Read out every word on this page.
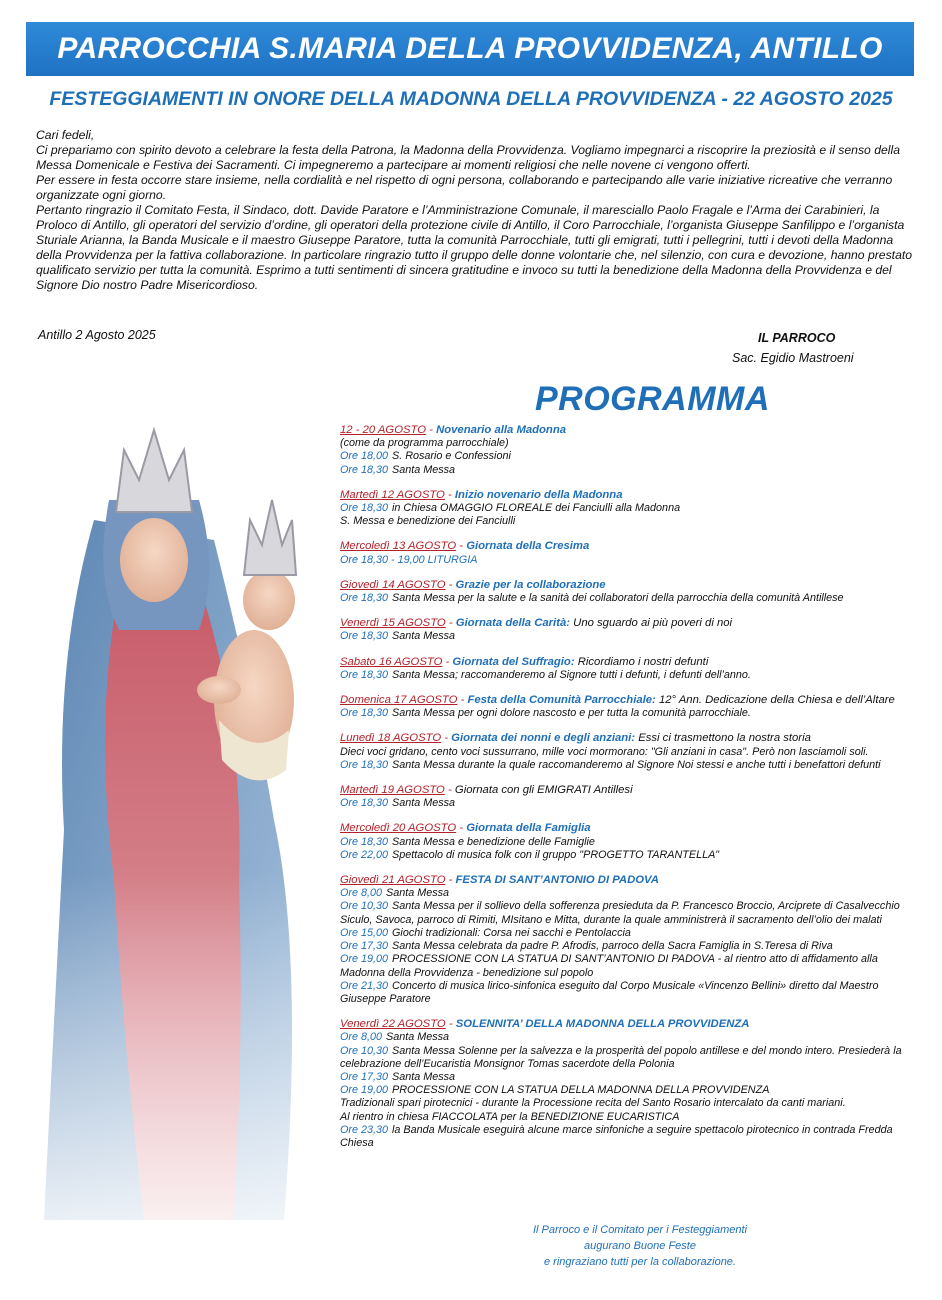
PARROCCHIA S.MARIA DELLA PROVVIDENZA, ANTILLO
FESTEGGIAMENTI IN ONORE DELLA MADONNA DELLA PROVVIDENZA - 22 AGOSTO 2025

Cari fedeli,

Ci prepariamo con spirito devoto a celebrare la festa della Patrona, la Madonna della Provvidenza. Vogliamo impegnarci a riscoprire la preziosità e il senso della Messa Domenicale e Festiva dei Sacramenti. Ci impegneremo a partecipare ai momenti religiosi che nelle novene ci vengono offerti.

Per essere in festa occorre stare insieme, nella cordialità e nel rispetto di ogni persona, collaborando e partecipando alle varie iniziative ricreative che verranno organizzate ogni giorno.

Pertanto ringrazio il Comitato Festa, il Sindaco, dott. Davide Paratore e l’Amministrazione Comunale, il maresciallo Paolo Fragale e l’Arma dei Carabinieri, la Proloco di Antillo, gli operatori del servizio d’ordine, gli operatori della protezione civile di Antillo, il Coro Parrocchiale, l’organista Giuseppe Sanfilippo e l’organista Sturiale Arianna, la Banda Musicale e il maestro Giuseppe Paratore, tutta la comunità Parrocchiale, tutti gli emigrati, tutti i pellegrini, tutti i devoti della Madonna della Provvidenza per la fattiva collaborazione. In particolare ringrazio tutto il gruppo delle donne volontarie che, nel silenzio, con cura e devozione, hanno prestato qualificato servizio per tutta la comunità. Esprimo a tutti sentimenti di sincera gratitudine e invoco su tutti la benedizione della Madonna della Provvidenza e del Signore Dio nostro Padre Misericordioso.

Antillo 2 Agosto 2025	IL PARROCO
Sac. Egidio Mastroeni
PROGRAMMA
12 - 20 AGOSTO - Novenario alla Madonna
(come da programma parrocchiale)
Ore 18,00 S. Rosario e Confessioni
Ore 18,30 Santa Messa
Martedì 12 AGOSTO - Inizio novenario della Madonna
Ore 18,30 in Chiesa OMAGGIO FLOREALE dei Fanciulli alla Madonna
S. Messa e benedizione dei Fanciulli
Mercoledì 13 AGOSTO - Giornata della Cresima
Ore 18,30 - 19,00 LITURGIA
Giovedì 14 AGOSTO - Grazie per la collaborazione
Ore 18,30 Santa Messa per la salute e la sanità dei collaboratori della parrocchia della comunità Antillese
Venerdì 15 AGOSTO - Giornata della Carità: Uno sguardo ai più poveri di noi
Ore 18,30 Santa Messa
Sabato 16 AGOSTO - Giornata del Suffragio: Ricordiamo i nostri defunti
Ore 18,30 Santa Messa; raccomanderemo al Signore tutti i defunti, i defunti dell’anno.
Domenica 17 AGOSTO - Festa della Comunità Parrocchiale: 12° Ann. Dedicazione della Chiesa e dell’Altare
Ore 18,30 Santa Messa per ogni dolore nascosto e per tutta la comunità parrocchiale.
Lunedì 18 AGOSTO - Giornata dei nonni e degli anziani: Essi ci trasmettono la nostra storia
Dieci voci gridano, cento voci sussurrano, mille voci mormorano: "Gli anziani in casa". Però non lasciamoli soli.
Ore 18,30 Santa Messa durante la quale raccomanderemo al Signore Noi stessi e anche tutti i benefattori defunti
Martedì 19 AGOSTO - Giornata con gli EMIGRATI Antillesi
Ore 18,30 Santa Messa
Mercoledì 20 AGOSTO - Giornata della Famiglia
Ore 18,30 Santa Messa e benedizione delle Famiglie
Ore 22,00 Spettacolo di musica folk con il gruppo "PROGETTO TARANTELLA"
Giovedì 21 AGOSTO - FESTA DI SANT’ANTONIO DI PADOVA
Ore 8,00 Santa Messa
Ore 10,30 Santa Messa per il sollievo della sofferenza presieduta da P. Francesco Broccio, Arciprete di Casalvecchio Siculo, Savoca, parroco di Rimiti, MIsitano e Mitta, durante la quale amministrerà il sacramento dell’olio dei malati
Ore 15,00 Giochi tradizionali: Corsa nei sacchi e Pentolaccia
Ore 17,30 Santa Messa celebrata da padre P. Afrodis, parroco della Sacra Famiglia in S.Teresa di Riva
Ore 19,00 PROCESSIONE CON LA STATUA DI SANT’ANTONIO DI PADOVA - al rientro atto di affidamento alla Madonna della Provvidenza - benedizione sul popolo
Ore 21,30 Concerto di musica lirico-sinfonica eseguito dal Corpo Musicale «Vincenzo Bellini» diretto dal Maestro Giuseppe Paratore
Venerdì 22 AGOSTO - SOLENNITA’ DELLA MADONNA DELLA PROVVIDENZA
Ore 8,00 Santa Messa
Ore 10,30 Santa Messa Solenne per la salvezza e la prosperità del popolo antillese e del mondo intero. Presiederà la celebrazione dell’Eucaristia Monsignor Tomas sacerdote della Polonia
Ore 17,30 Santa Messa
Ore 19,00 PROCESSIONE CON LA STATUA DELLA MADONNA DELLA PROVVIDENZA
Tradizionali spari pirotecnici - durante la Processione recita del Santo Rosario intercalato da canti mariani.
Al rientro in chiesa FIACCOLATA per la BENEDIZIONE EUCARISTICA
Ore 23,30 la Banda Musicale eseguirà alcune marce sinfoniche a seguire spettacolo pirotecnico in contrada Fredda Chiesa
Il Parroco e il Comitato per i Festeggiamenti
augurano Buone Feste
e ringraziano tutti per la collaborazione.
